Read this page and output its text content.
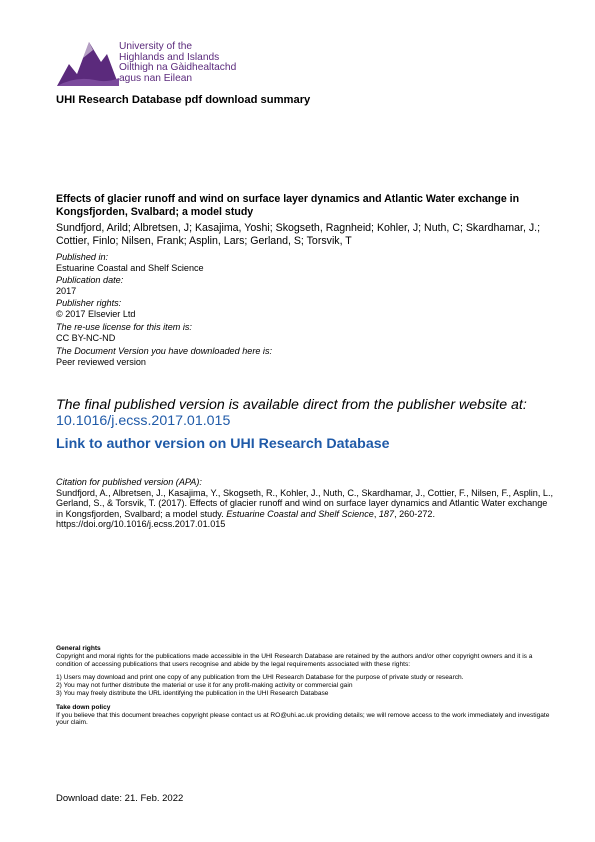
University of the
Highlands and Islands
Oilthigh na Gàidhealtachd
agus nan Eilean
UHI Research Database pdf download summary
Effects of glacier runoff and wind on surface layer dynamics and Atlantic Water exchange in Kongsfjorden, Svalbard; a model study
Sundfjord, Arild; Albretsen, J; Kasajima, Yoshi; Skogseth, Ragnheid; Kohler, J; Nuth, C; Skardhamar, J.; Cottier, Finlo; Nilsen, Frank; Asplin, Lars; Gerland, S; Torsvik, T
Published in:
Estuarine Coastal and Shelf Science
Publication date:
2017
Publisher rights:
© 2017 Elsevier Ltd
The re-use license for this item is:
CC BY-NC-ND
The Document Version you have downloaded here is:
Peer reviewed version
The final published version is available direct from the publisher website at:
10.1016/j.ecss.2017.01.015
Link to author version on UHI Research Database
Citation for published version (APA):
Sundfjord, A., Albretsen, J., Kasajima, Y., Skogseth, R., Kohler, J., Nuth, C., Skardhamar, J., Cottier, F., Nilsen, F., Asplin, L., Gerland, S., & Torsvik, T. (2017). Effects of glacier runoff and wind on surface layer dynamics and Atlantic Water exchange in Kongsfjorden, Svalbard; a model study. Estuarine Coastal and Shelf Science, 187, 260-272. https://doi.org/10.1016/j.ecss.2017.01.015
General rights
Copyright and moral rights for the publications made accessible in the UHI Research Database are retained by the authors and/or other copyright owners and it is a condition of accessing publications that users recognise and abide by the legal requirements associated with these rights:
1) Users may download and print one copy of any publication from the UHI Research Database for the purpose of private study or research.
2) You may not further distribute the material or use it for any profit-making activity or commercial gain
3) You may freely distribute the URL identifying the publication in the UHI Research Database
Take down policy
If you believe that this document breaches copyright please contact us at RO@uhi.ac.uk providing details; we will remove access to the work immediately and investigate your claim.
Download date: 21. Feb. 2022
